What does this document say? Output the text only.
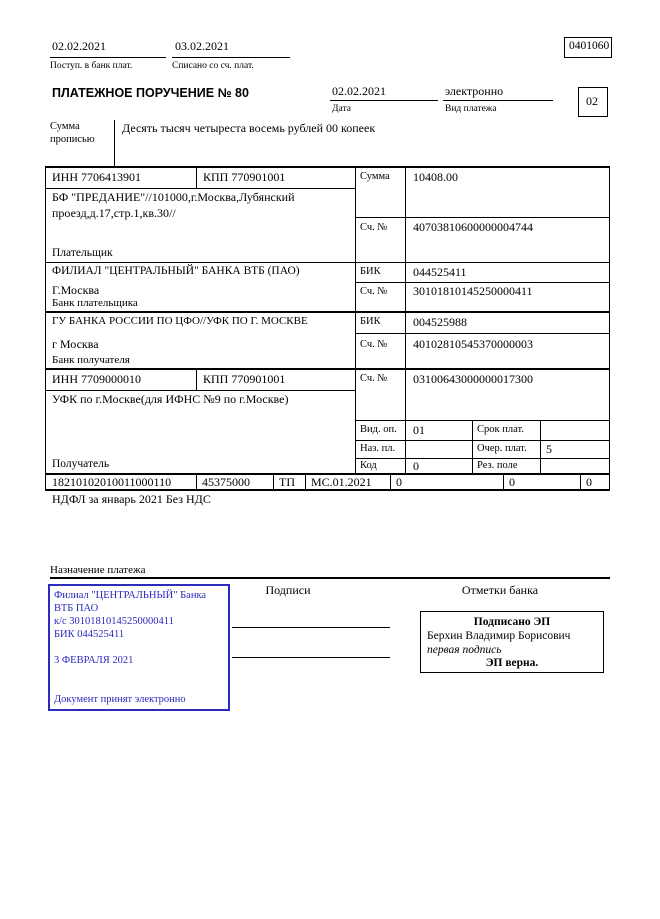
02.02.2021
Поступ. в банк плат.
03.02.2021
Списано со сч. плат.
0401060
ПЛАТЕЖНОЕ ПОРУЧЕНИЕ № 80	02.02.2021
Дата
электронно
Вид платежа
02
Сумма прописью
Десять тысяч четыреста восемь рублей 00 копеек
ИНН 7706413901	КПП 770901001	Сумма 10408.00
БФ "ПРЕДАНИЕ"//101000,г.Москва,Лубянский
проезд,д.17,стр.1,кв.30//
Сч. № 40703810600000004744
Плательщик
ФИЛИАЛ "ЦЕНТРАЛЬНЫЙ" БАНКА ВТБ (ПАО)	БИК	044525411
Г.Москва	Сч. № 30101810145250000411
Банк плательщика
ГУ БАНКА РОССИИ ПО ЦФО//УФК ПО Г. МОСКВЕ	БИК	004525988
г Москва	Сч. № 40102810545370000003
Банк получателя
ИНН 7709000010	КПП 770901001	Сч. № 03100643000000017300
УФК по г.Москве(для ИФНС №9 по г.Москве)
Получатель
Вид. оп. 01	Срок плат.
Наз. пл.	Очер. плат. 5
Код	0	Рез. поле
18210102010011000110	45375000 ТП МС.01.2021 0	0	0
НДФЛ за январь 2021 Без НДС
Назначение платежа
Филиал "ЦЕНТРАЛЬНЫЙ" Банка
ВТБ ПАО
к/с 30101810145250000411
БИК 044525411
3 ФЕВРАЛЯ 2021
Документ принят электронно
Подписи	Отметки банка
Подписано ЭП
Берхин Владимир Борисович
первая подпись
ЭП верна.
